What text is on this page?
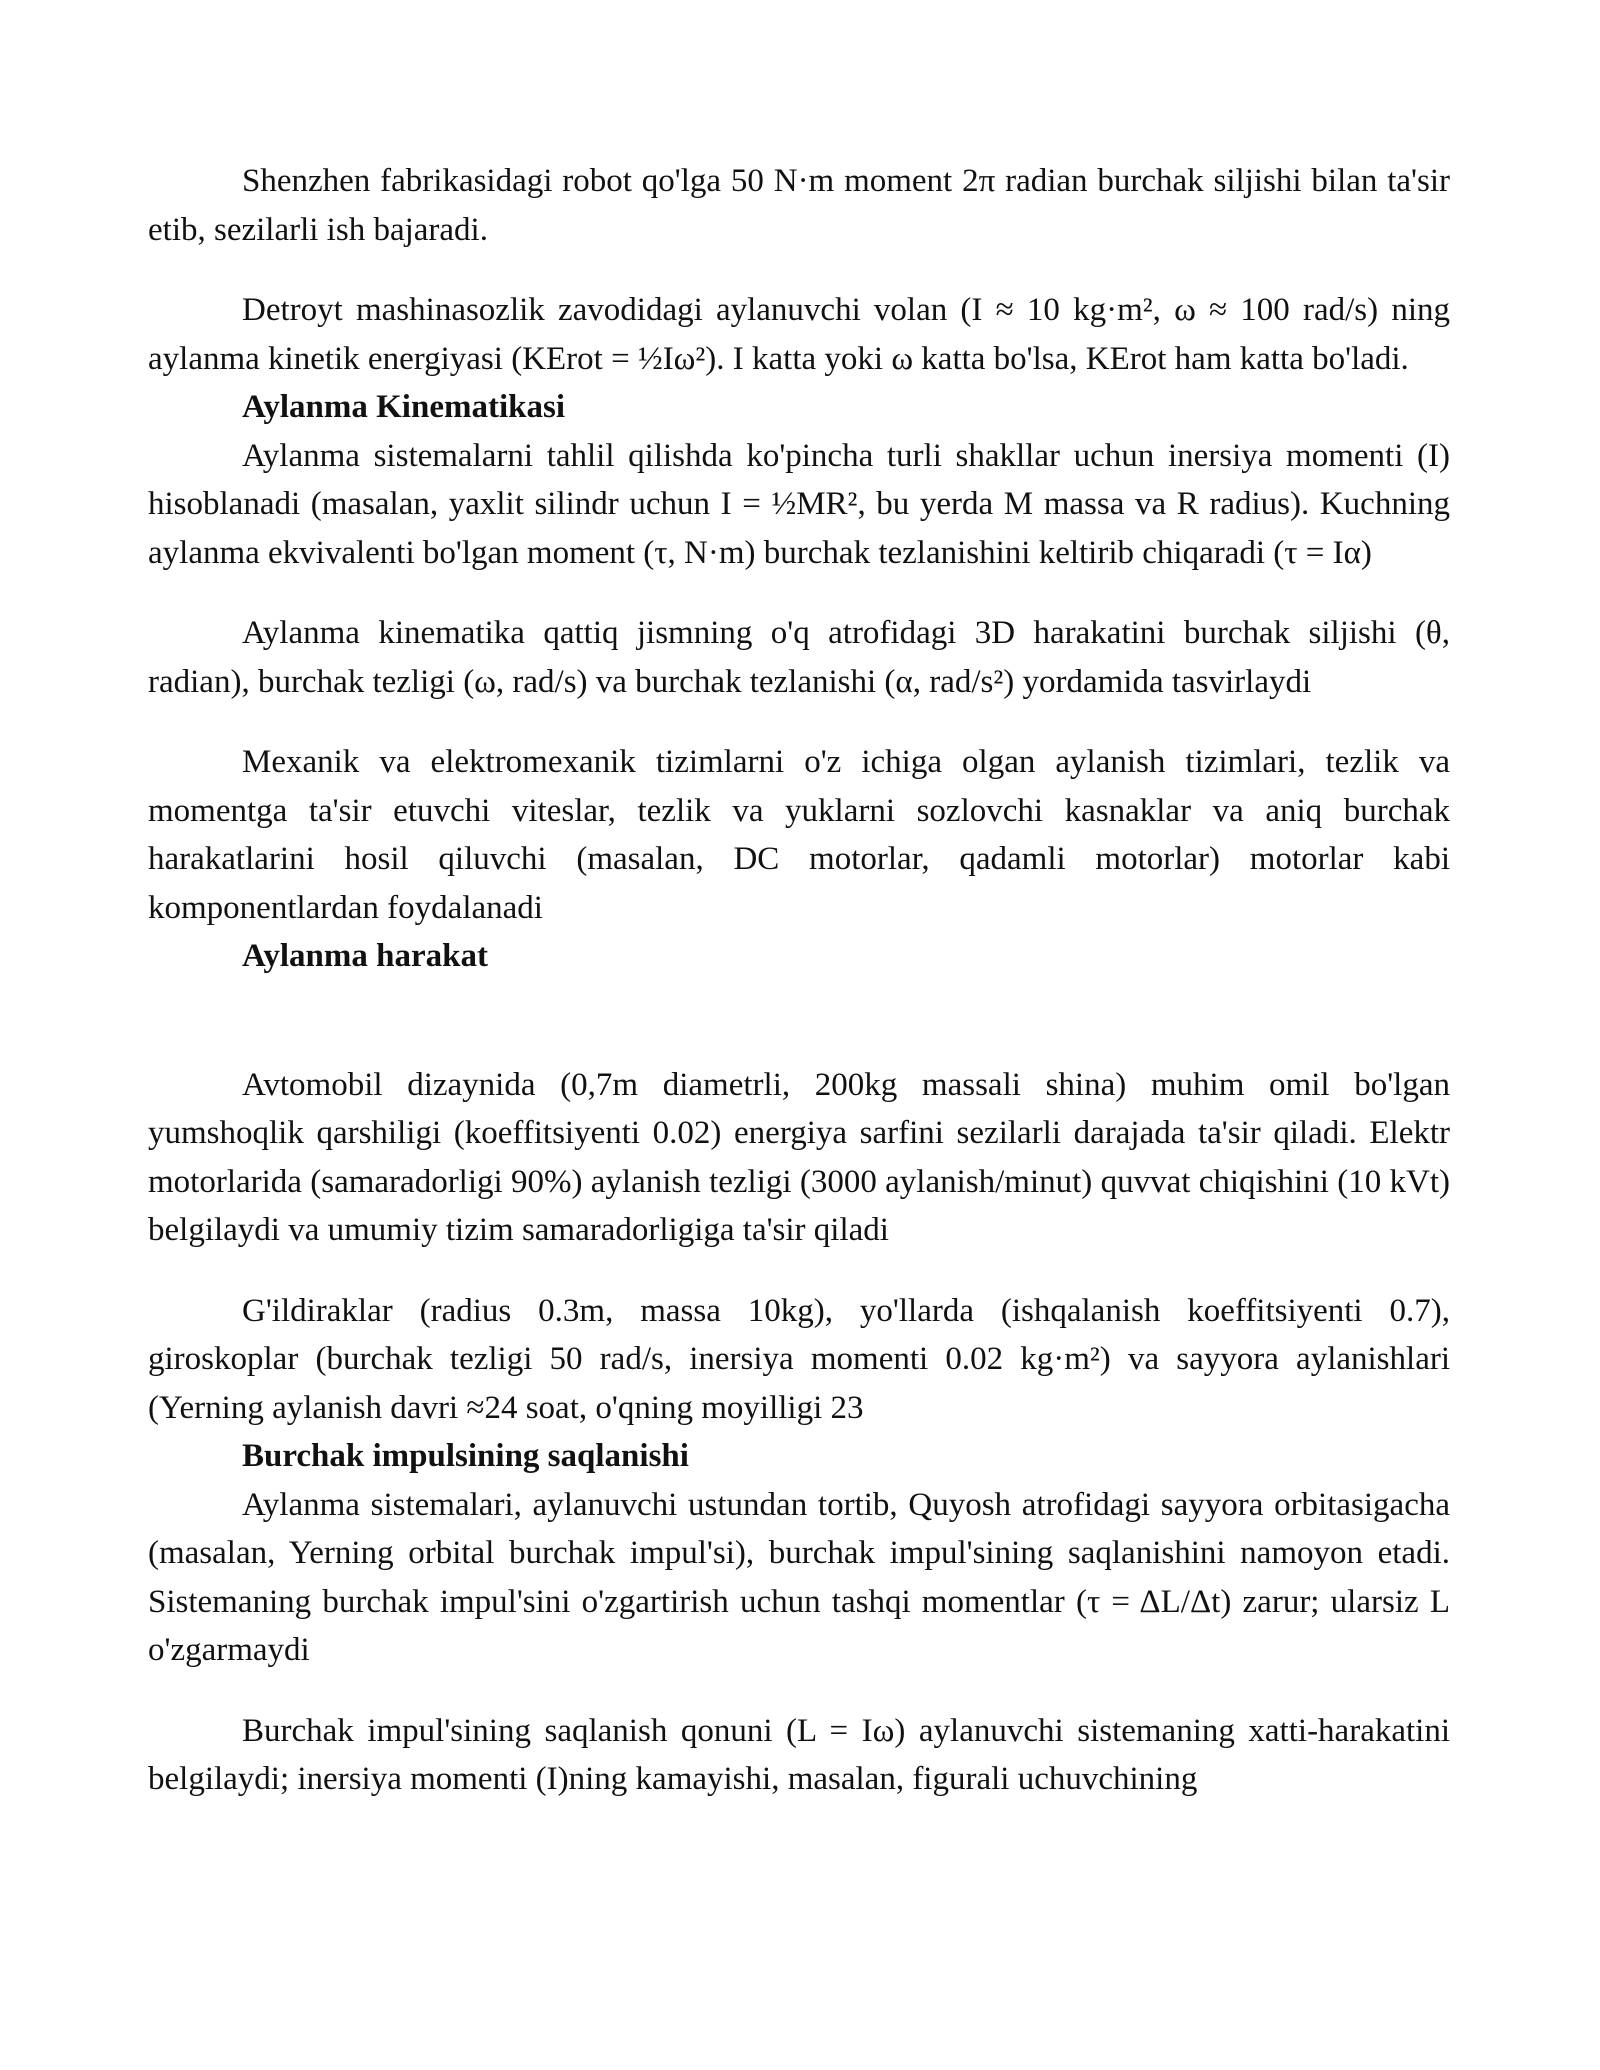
Shenzhen fabrikasidagi robot qo'lga 50 N·m moment 2π radian burchak siljishi bilan ta'sir etib, sezilarli ish bajaradi.

Detroyt mashinasozlik zavodidagi aylanuvchi volan (I ≈ 10 kg·m², ω ≈ 100 rad/s) ning aylanma kinetik energiyasi (KErot = ½Iω²). I katta yoki ω katta bo'lsa, KErot ham katta bo'ladi.

Aylanma Kinematikasi

Aylanma sistemalarni tahlil qilishda ko'pincha turli shakllar uchun inersiya momenti (I) hisoblanadi (masalan, yaxlit silindr uchun I = ½MR², bu yerda M massa va R radius). Kuchning aylanma ekvivalenti bo'lgan moment (τ, N·m) burchak tezlanishini keltirib chiqaradi (τ = Iα)

Aylanma kinematika qattiq jismning o'q atrofidagi 3D harakatini burchak siljishi (θ, radian), burchak tezligi (ω, rad/s) va burchak tezlanishi (α, rad/s²) yordamida tasvirlaydi

Mexanik va elektromexanik tizimlarni o'z ichiga olgan aylanish tizimlari, tezlik va momentga ta'sir etuvchi viteslar, tezlik va yuklarni sozlovchi kasnaklar va aniq burchak harakatlarini hosil qiluvchi (masalan, DC motorlar, qadamli motorlar) motorlar kabi komponentlardan foydalanadi

Aylanma harakat

Avtomobil dizaynida (0,7m diametrli, 200kg massali shina) muhim omil bo'lgan yumshoqlik qarshiligi (koeffitsiyenti 0.02) energiya sarfini sezilarli darajada ta'sir qiladi. Elektr motorlarida (samaradorligi 90%) aylanish tezligi (3000 aylanish/minut) quvvat chiqishini (10 kVt) belgilaydi va umumiy tizim samaradorligiga ta'sir qiladi

G'ildiraklar (radius 0.3m, massa 10kg), yo'llarda (ishqalanish koeffitsiyenti 0.7), giroskoplar (burchak tezligi 50 rad/s, inersiya momenti 0.02 kg·m²) va sayyora aylanishlari (Yerning aylanish davri ≈24 soat, o'qning moyilligi 23

Burchak impulsining saqlanishi

Aylanma sistemalari, aylanuvchi ustundan tortib, Quyosh atrofidagi sayyora orbitasigacha (masalan, Yerning orbital burchak impul'si), burchak impul'sining saqlanishini namoyon etadi. Sistemaning burchak impul'sini o'zgartirish uchun tashqi momentlar (τ = ΔL/Δt) zarur; ularsiz L o'zgarmaydi

Burchak impul'sining saqlanish qonuni (L = Iω) aylanuvchi sistemaning xatti-harakatini belgilaydi; inersiya momenti (I)ning kamayishi, masalan, figurali uchuvchining
